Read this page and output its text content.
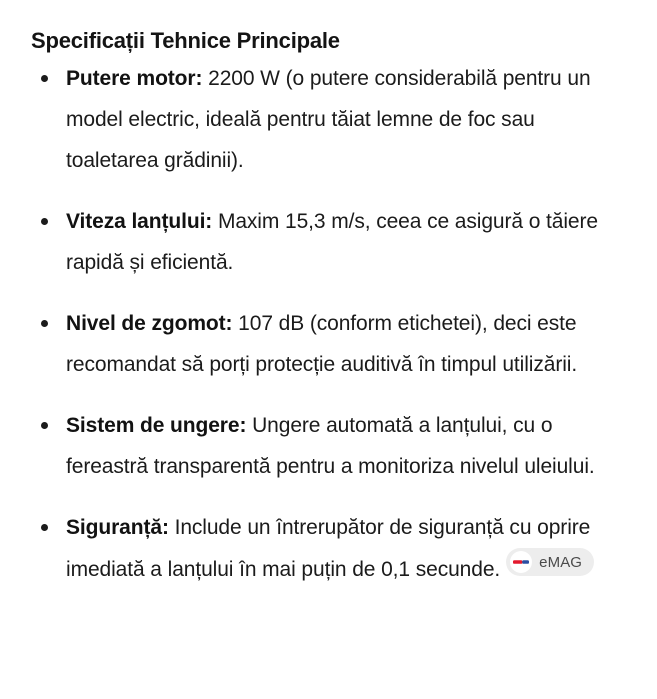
Specificații Tehnice Principale
Putere motor: 2200 W (o putere considerabilă pentru un model electric, ideală pentru tăiat lemne de foc sau toaletarea grădinii).
Viteza lanțului: Maxim 15,3 m/s, ceea ce asigură o tăiere rapidă și eficientă.
Nivel de zgomot: 107 dB (conform etichetei), deci este recomandat să porți protecție auditivă în timpul utilizării.
Sistem de ungere: Ungere automată a lanțului, cu o fereastră transparentă pentru a monitoriza nivelul uleiului.
Siguranță: Include un întrerupător de siguranță cu oprire imediată a lanțului în mai puțin de 0,1 secunde.	eMAG
